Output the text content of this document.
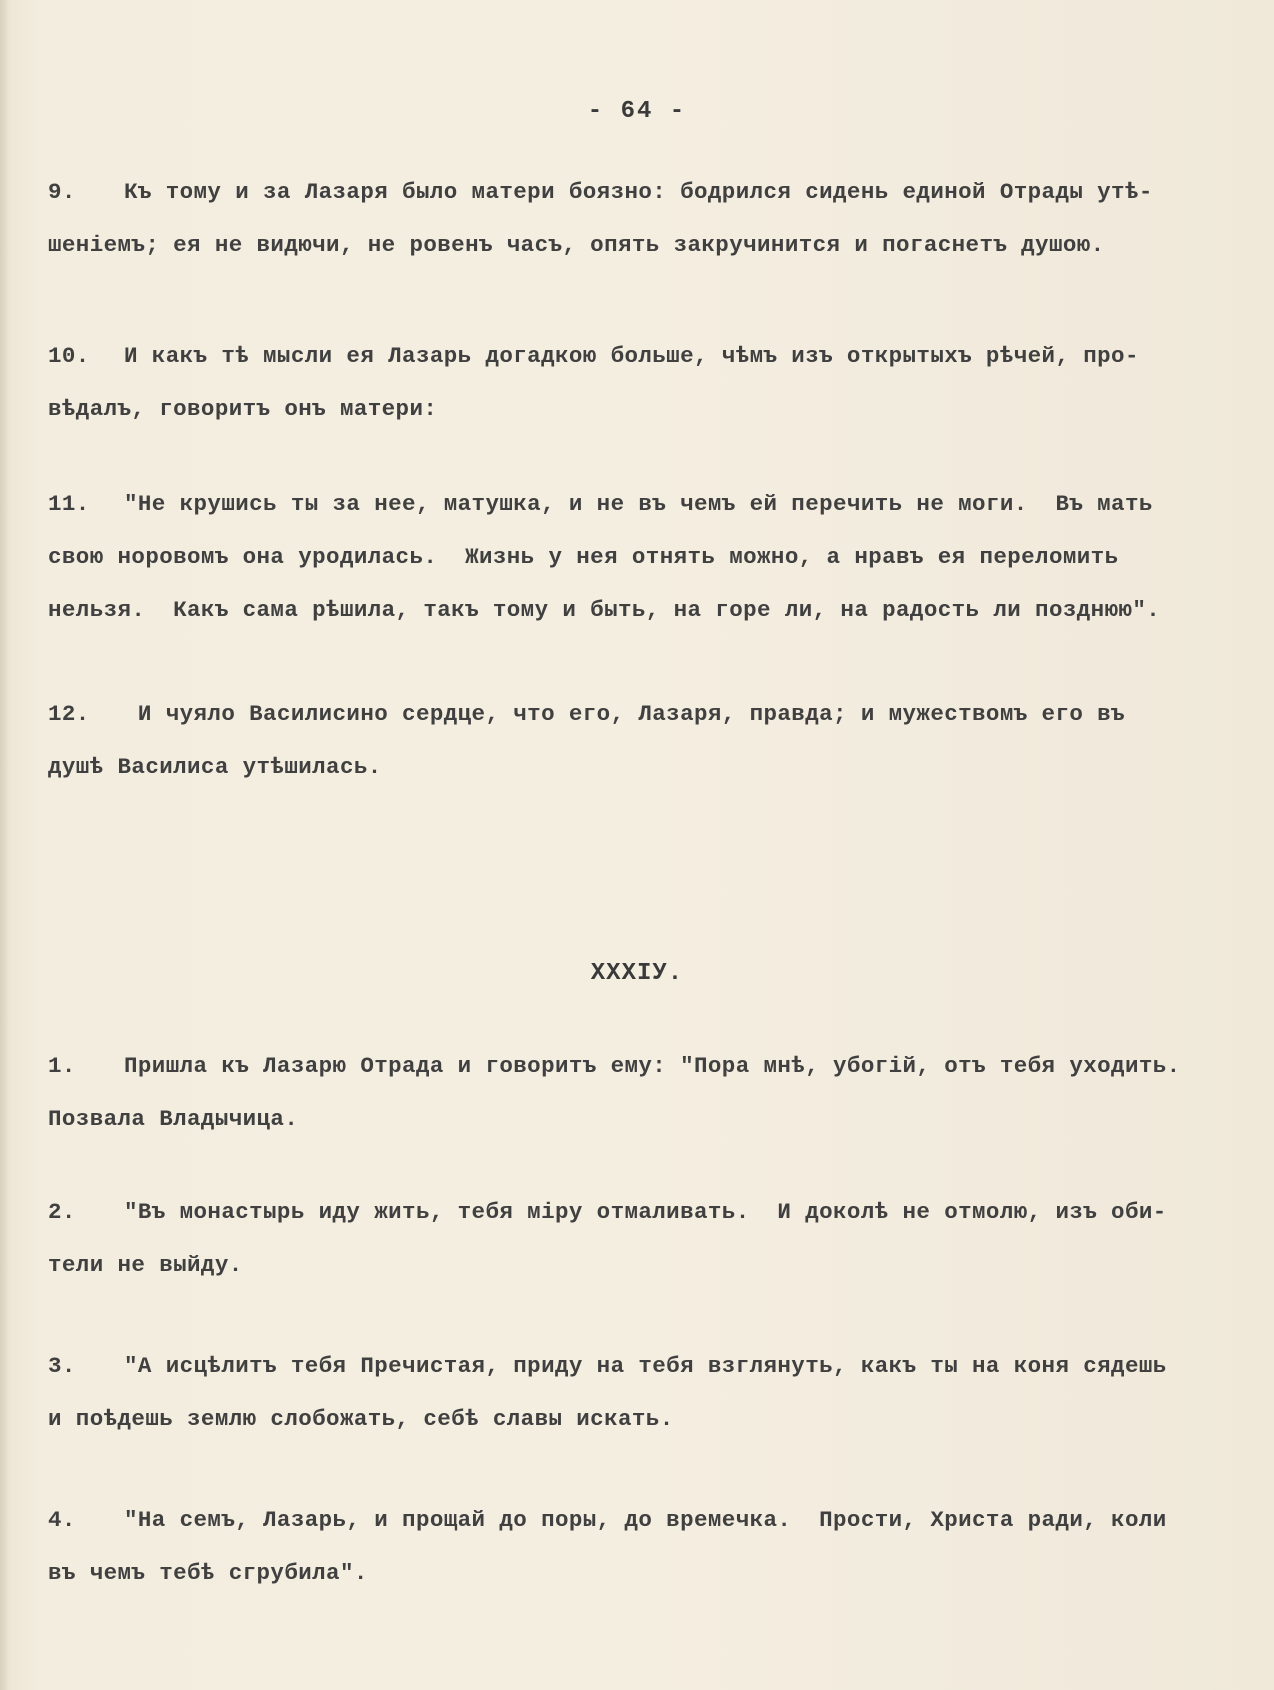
- 64 -

9. Къ тому и за Лазаря было матери боязно: бодрился сидень единой Отрады утѣ-
шеніемъ; ея не видючи, не ровенъ часъ, опять закручинится и погаснетъ душою.

10. И какъ тѣ мысли ея Лазарь догадкою больше, чѣмъ изъ открытыхъ рѣчей, про-
вѣдалъ, говоритъ онъ матери:

11. "Не крушись ты за нее, матушка, и не въ чемъ ей перечить не моги.  Въ мать
свою норовомъ она уродилась.  Жизнь у нея отнять можно, а нравъ ея переломить
нельзя.  Какъ сама рѣшила, такъ тому и быть, на горе ли, на радость ли позднюю".

12. И чуяло Василисино сердце, что его, Лазаря, правда; и мужествомъ его въ
душѣ Василиса утѣшилась.

XXXIУ.

1. Пришла къ Лазарю Отрада и говоритъ ему: "Пора мнѣ, убогій, отъ тебя уходить.
Позвала Владычица.

2. "Въ монастырь иду жить, тебя міру отмаливать.  И доколѣ не отмолю, изъ оби-
тели не выйду.

3. "А исцѣлитъ тебя Пречистая, приду на тебя взглянуть, какъ ты на коня сядешь
и поѣдешь землю слобожать, себѣ славы искать.

4. "На семъ, Лазарь, и прощай до поры, до времечка.  Прости, Христа ради, коли
въ чемъ тебѣ сгрубила".
